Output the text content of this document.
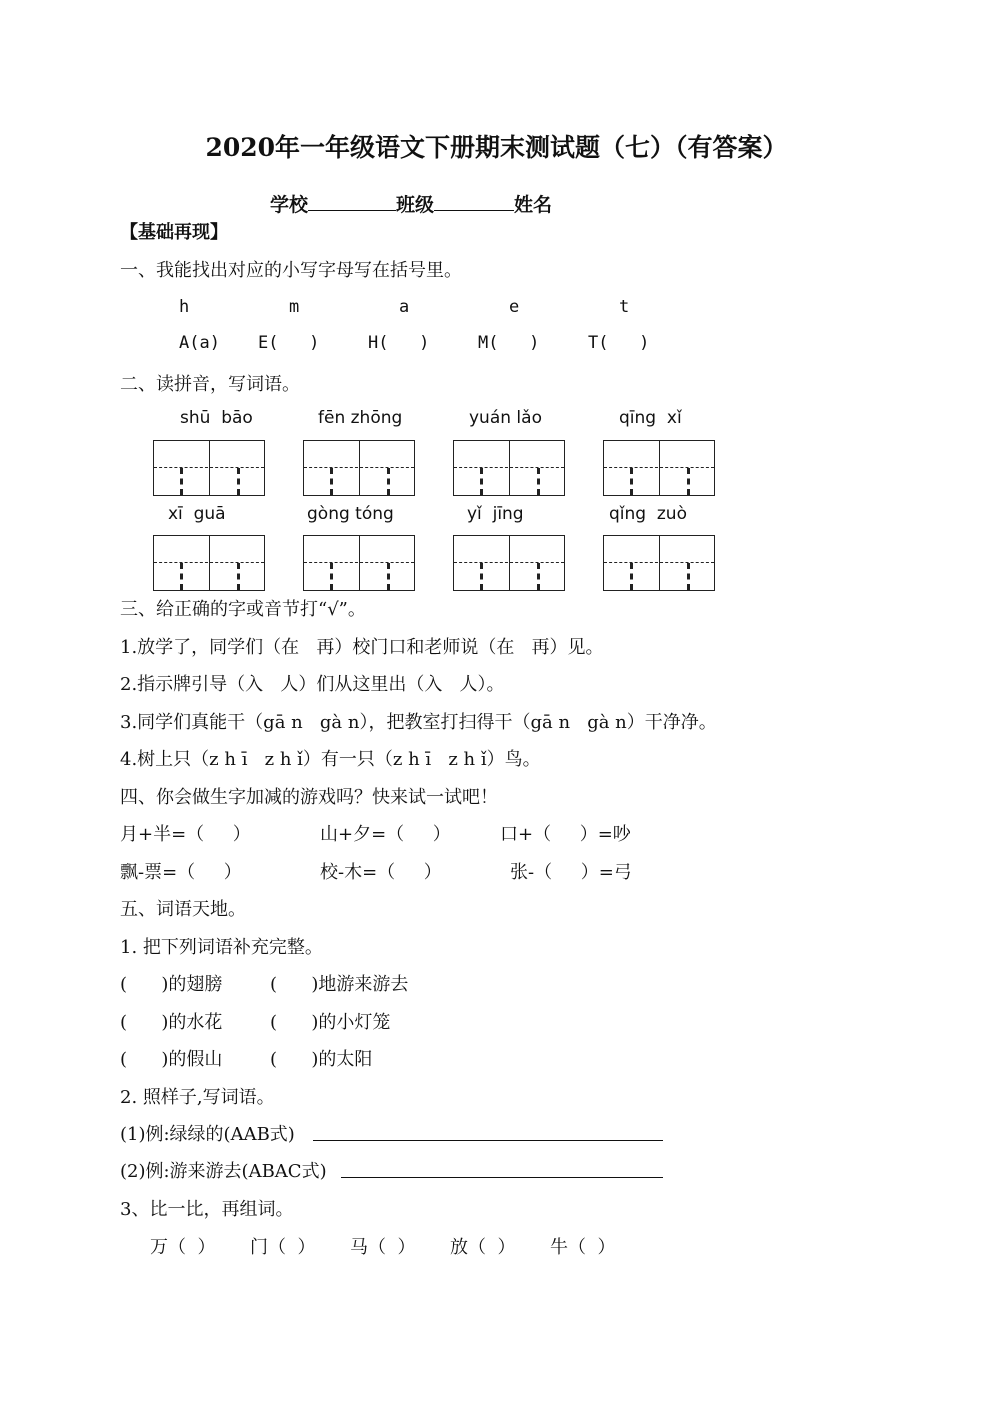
2020年一年级语文下册期末测试题（七）（有答案）
学校	班级	姓名
【基础再现】
一、我能找出对应的小写字母写在括号里。
h	m	a	e	t
A(a) E(   )	H(   )	M(   )	T(   )
二、读拼音，写词语。
shū  bāo	fēn zhōng	yuán lǎo	qīng  xǐ
xī  guā	gòng tóng	yǐ  jīng	qǐng  zuò
三、给正确的字或音节打“√”。
1.放学了，同学们（在   再）校门口和老师说（在   再）见。
2.指示牌引导（入   人）们从这里出（入   人）。
3.同学们真能干（gā n   gà n），把教室打扫得干（gā n   gà n）干净净。
4.树上只（z h ī   z h ǐ）有一只（z h ī   z h ǐ）鸟。
四、你会做生字加减的游戏吗？快来试一试吧！
月+半=（     ）	山+夕=（     ）	口+（     ）=吵
飘-票=（     ）	校-木=（     ）	张-（     ）=弓
五、词语天地。
1. 把下列词语补充完整。
(      )的翅膀	(      )地游来游去
(      )的水花	(      )的小灯笼
(      )的假山	(      )的太阳
2. 照样子,写词语。
(1)例:绿绿的(AAB式)
(2)例:游来游去(ABAC式)
3、比一比，再组词。
万（  ） 门（  ） 马（  ） 放（  ） 牛（  ）
